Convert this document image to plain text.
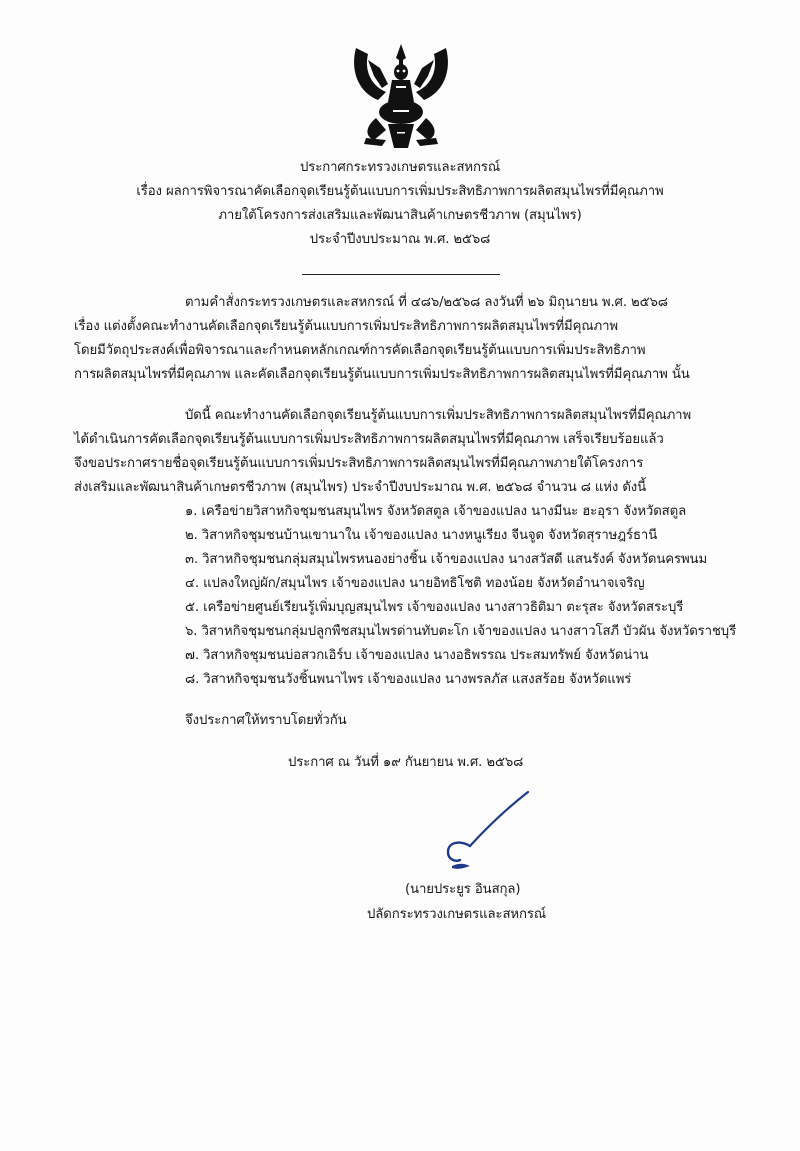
ประกาศกระทรวงเกษตรและสหกรณ์
เรื่อง ผลการพิจารณาคัดเลือกจุดเรียนรู้ต้นแบบการเพิ่มประสิทธิภาพการผลิตสมุนไพรที่มีคุณภาพ
ภายใต้โครงการส่งเสริมและพัฒนาสินค้าเกษตรชีวภาพ (สมุนไพร)
ประจำปีงบประมาณ พ.ศ. ๒๕๖๘
ตามคำสั่งกระทรวงเกษตรและสหกรณ์ ที่ ๔๘๖/๒๕๖๘ ลงวันที่ ๒๖ มิถุนายน พ.ศ. ๒๕๖๘
เรื่อง แต่งตั้งคณะทำงานคัดเลือกจุดเรียนรู้ต้นแบบการเพิ่มประสิทธิภาพการผลิตสมุนไพรที่มีคุณภาพ
โดยมีวัตถุประสงค์เพื่อพิจารณาและกำหนดหลักเกณฑ์การคัดเลือกจุดเรียนรู้ต้นแบบการเพิ่มประสิทธิภาพ
การผลิตสมุนไพรที่มีคุณภาพ และคัดเลือกจุดเรียนรู้ต้นแบบการเพิ่มประสิทธิภาพการผลิตสมุนไพรที่มีคุณภาพ นั้น
บัดนี้ คณะทำงานคัดเลือกจุดเรียนรู้ต้นแบบการเพิ่มประสิทธิภาพการผลิตสมุนไพรที่มีคุณภาพ
ได้ดำเนินการคัดเลือกจุดเรียนรู้ต้นแบบการเพิ่มประสิทธิภาพการผลิตสมุนไพรที่มีคุณภาพ เสร็จเรียบร้อยแล้ว
จึงขอประกาศรายชื่อจุดเรียนรู้ต้นแบบการเพิ่มประสิทธิภาพการผลิตสมุนไพรที่มีคุณภาพภายใต้โครงการ
ส่งเสริมและพัฒนาสินค้าเกษตรชีวภาพ (สมุนไพร) ประจำปีงบประมาณ พ.ศ. ๒๕๖๘ จำนวน ๘ แห่ง ดังนี้
๑. เครือข่ายวิสาหกิจชุมชนสมุนไพร จังหวัดสตูล เจ้าของแปลง นางมีนะ ฮะอุรา จังหวัดสตูล
๒. วิสาหกิจชุมชนบ้านเขานาใน เจ้าของแปลง นางหนูเรียง จีนจูด จังหวัดสุราษฎร์ธานี
๓. วิสาหกิจชุมชนกลุ่มสมุนไพรหนองย่างชิ้น เจ้าของแปลง นางสวัสดี แสนรังค์ จังหวัดนครพนม
๔. แปลงใหญ่ผัก/สมุนไพร เจ้าของแปลง นายอิทธิโชติ ทองน้อย จังหวัดอำนาจเจริญ
๕. เครือข่ายศูนย์เรียนรู้เพิ่มบุญสมุนไพร เจ้าของแปลง นางสาวธิติมา ตะรุสะ จังหวัดสระบุรี
๖. วิสาหกิจชุมชนกลุ่มปลูกพืชสมุนไพรด่านทับตะโก เจ้าของแปลง นางสาวโสภี บัวผัน จังหวัดราชบุรี
๗. วิสาหกิจชุมชนบ่อสวกเอิร์บ เจ้าของแปลง นางอธิพรรณ ประสมทรัพย์ จังหวัดน่าน
๘. วิสาหกิจชุมชนวังชิ้นพนาไพร เจ้าของแปลง นางพรลภัส แสงสร้อย จังหวัดแพร่
จึงประกาศให้ทราบโดยทั่วกัน
ประกาศ ณ วันที่ ๑๙ กันยายน พ.ศ. ๒๕๖๘
(นายประยูร อินสกุล)
ปลัดกระทรวงเกษตรและสหกรณ์
